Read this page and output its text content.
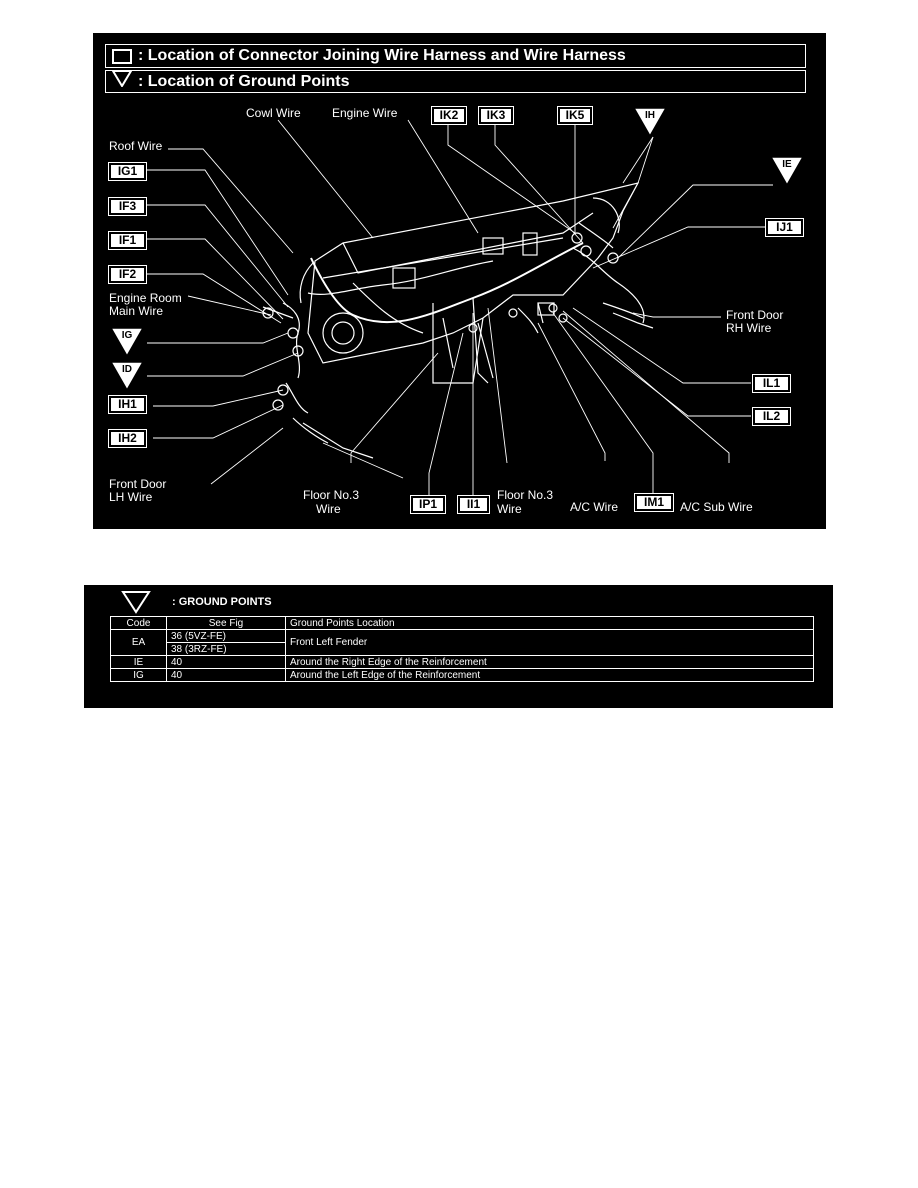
: Location of Connector Joining Wire Harness and Wire Harness
: Location of Ground Points
Cowl Wire	Engine Wire
Roof Wire
Engine Room
Main Wire	Front Door
RH Wire
Front Door
LH Wire	Floor No.3
Wire
Floor No.3
Wire	A/C Wire	A/C Sub Wire
IG1
IF3
IF1
IF2
IH1
IH2
IK2	IK3	IK5
IJ1
IL1
IL2
IP1	II1	IM1
IG
ID
IH
IE
: GROUND POINTS
Code	See Fig	Ground Points Location
EA	36 (5VZ-FE)	Front Left Fender
	38 (3RZ-FE)	
IE	40	Around the Right Edge of the Reinforcement
IG	40	Around the Left Edge of the Reinforcement
